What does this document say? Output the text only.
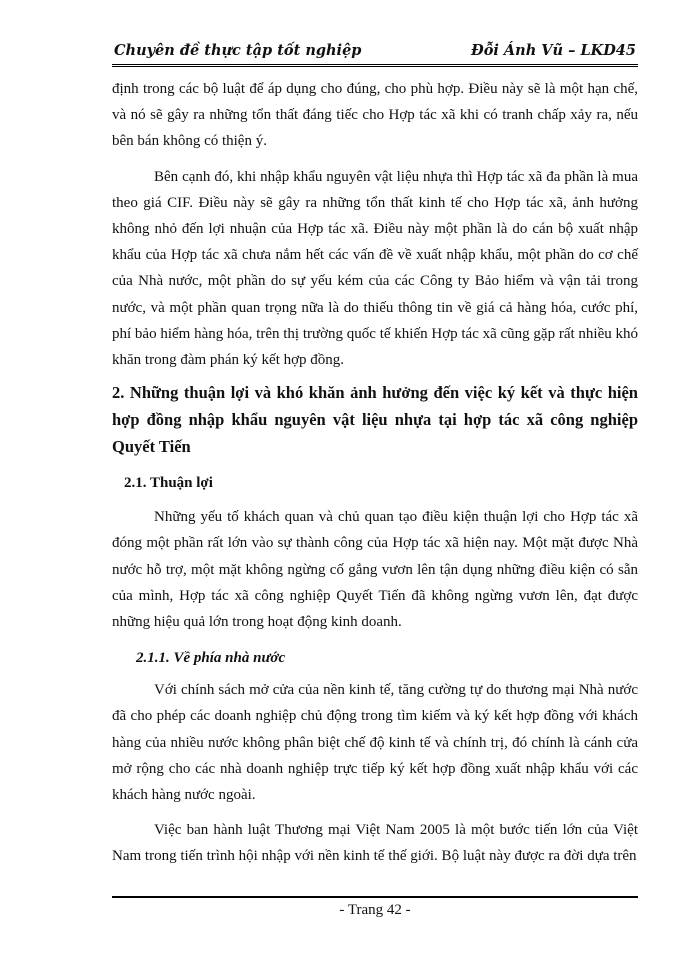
Chuyên đề thực tập tốt nghiệp	Đỗi Ánh Vũ – LKD45

định trong các bộ luật để áp dụng cho đúng, cho phù hợp. Điều này sẽ là một hạn chế, và nó sẽ gây ra những tổn thất đáng tiếc cho Hợp tác xã khi có tranh chấp xảy ra, nếu bên bán không có thiện ý.

Bên cạnh đó, khi nhập khẩu nguyên vật liệu nhựa thì Hợp tác xã đa phần là mua theo giá CIF. Điều này sẽ gây ra những tổn thất kinh tế cho Hợp tác xã, ảnh hưởng không nhỏ đến lợi nhuận của Hợp tác xã. Điều này một phần là do cán bộ xuất nhập khẩu của Hợp tác xã chưa nắm hết các vấn đề về xuất nhập khẩu, một phần do cơ chế của Nhà nước, một phần do sự yếu kém của các Công ty Bảo hiểm và vận tải trong nước, và một phần quan trọng nữa là do thiếu thông tin về giá cả hàng hóa, cước phí, phí bảo hiểm hàng hóa, trên thị trường quốc tế khiến Hợp tác xã cũng gặp rất nhiều khó khăn trong đàm phán ký kết hợp đồng.

2. Những thuận lợi và khó khăn ảnh hưởng đến việc ký kết và thực hiện hợp đồng nhập khẩu nguyên vật liệu nhựa tại hợp tác xã công nghiệp Quyết Tiến

2.1. Thuận lợi

Những yếu tố khách quan và chủ quan tạo điều kiện thuận lợi cho Hợp tác xã đóng một phần rất lớn vào sự thành công của Hợp tác xã hiện nay. Một mặt được Nhà nước hỗ trợ, một mặt không ngừng cố gắng vươn lên tận dụng những điều kiện có sẵn của mình, Hợp tác xã công nghiệp Quyết Tiến đã không ngừng vươn lên, đạt được những hiệu quả lớn trong hoạt động kinh doanh.

2.1.1. Về phía nhà nước

Với chính sách mở cửa của nền kinh tế, tăng cường tự do thương mại Nhà nước đã cho phép các doanh nghiệp chủ động trong tìm kiếm và ký kết hợp đồng với khách hàng của nhiều nước không phân biệt chế độ kinh tế và chính trị, đó chính là cánh cửa mở rộng cho các nhà doanh nghiệp trực tiếp ký kết hợp đồng xuất nhập khẩu với các khách hàng nước ngoài.

Việc ban hành luật Thương mại Việt Nam 2005 là một bước tiến lớn của Việt Nam trong tiến trình hội nhập với nền kinh tế thế giới. Bộ luật này được ra đời dựa trên

- Trang 42 -
